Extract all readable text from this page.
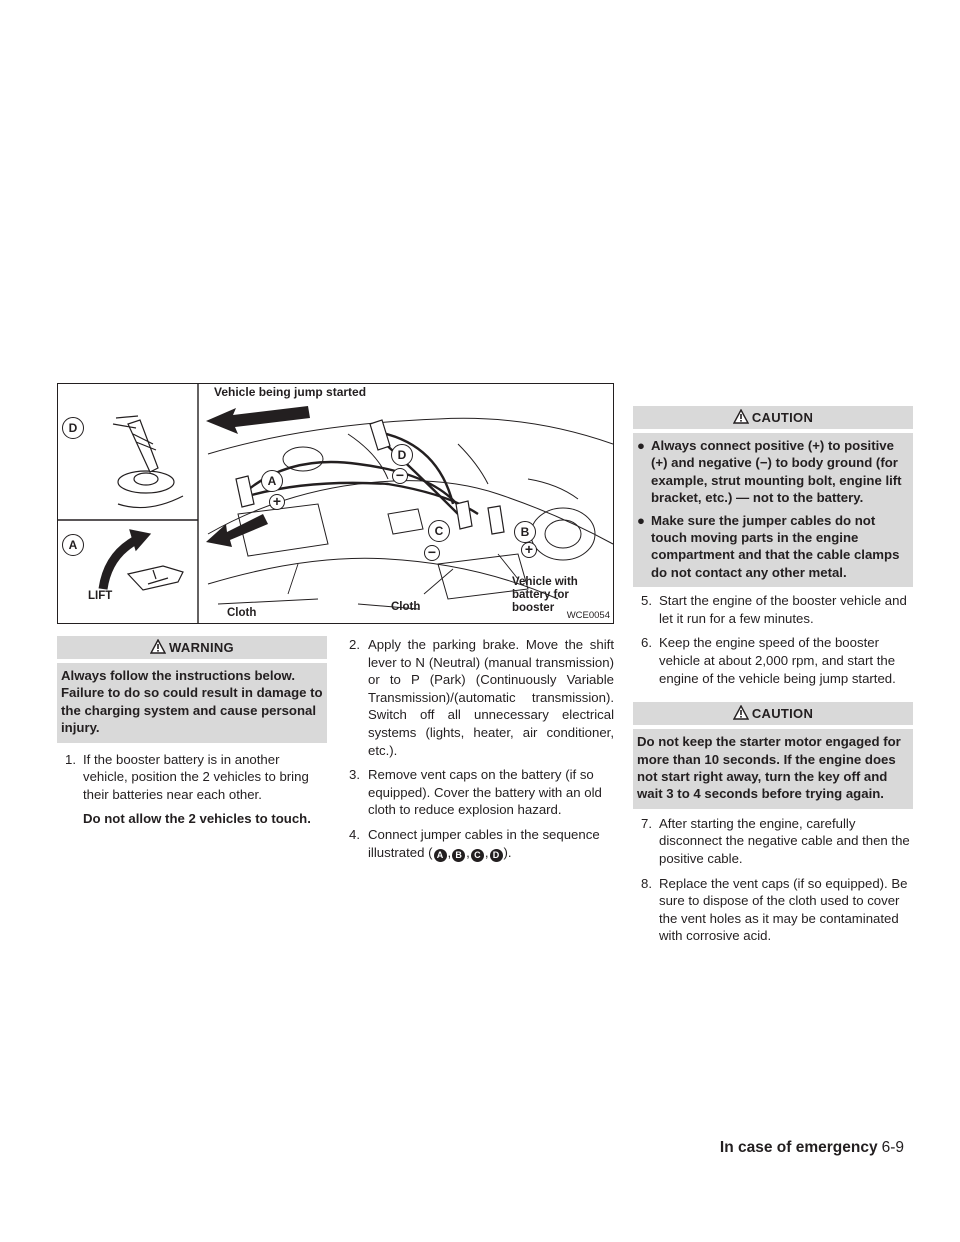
D
A
LIFT
Vehicle being jump started
Vehicle with
battery for
booster
Cloth	Cloth
A
+
D
−
C
−
B
+
WCE0054
WARNING
Always follow the instructions below. Failure to do so could result in damage to the charging system and cause personal injury.
1. If the booster battery is in another vehicle, position the 2 vehicles to bring their batteries near each other.
Do not allow the 2 vehicles to touch.
2. Apply the parking brake. Move the shift lever to N (Neutral) (manual transmission) or to P (Park) (Continuously Variable Transmission)/(automatic transmission). Switch off all unnecessary electrical systems (lights, heater, air conditioner, etc.).
3. Remove vent caps on the battery (if so equipped). Cover the battery with an old cloth to reduce explosion hazard.
4. Connect jumper cables in the sequence illustrated ( A , B , C , D ).
CAUTION
● Always connect positive (+) to positive (+) and negative (−) to body ground (for example, strut mounting bolt, engine lift bracket, etc.) — not to the battery.
● Make sure the jumper cables do not touch moving parts in the engine compartment and that the cable clamps do not contact any other metal.
5. Start the engine of the booster vehicle and let it run for a few minutes.
6. Keep the engine speed of the booster vehicle at about 2,000 rpm, and start the engine of the vehicle being jump started.
CAUTION
Do not keep the starter motor engaged for more than 10 seconds. If the engine does not start right away, turn the key off and wait 3 to 4 seconds before trying again.
7. After starting the engine, carefully disconnect the negative cable and then the positive cable.
8. Replace the vent caps (if so equipped). Be sure to dispose of the cloth used to cover the vent holes as it may be contaminated with corrosive acid.
In case of emergency 6-9
